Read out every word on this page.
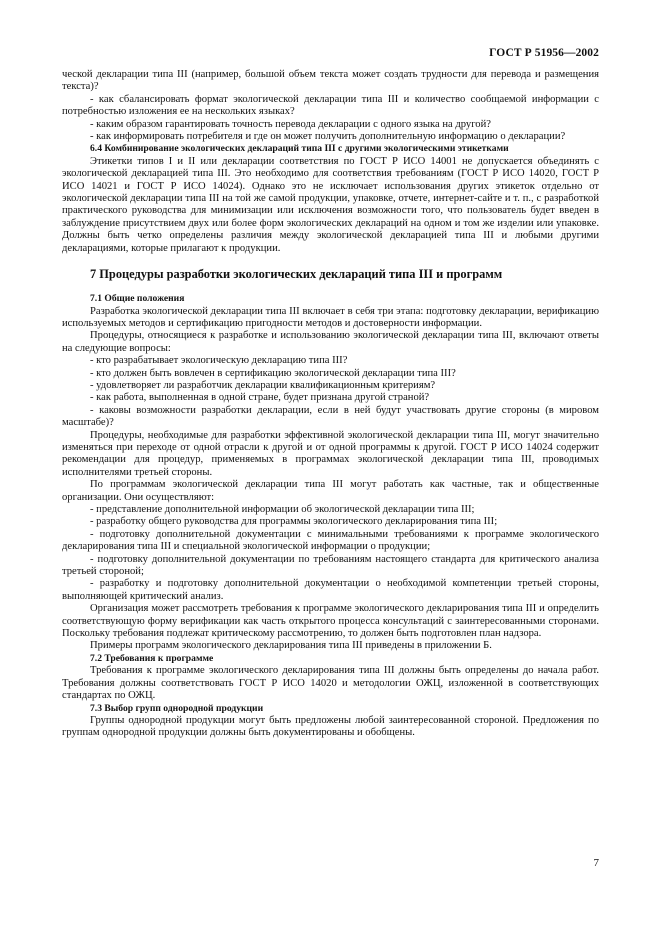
ГОСТ Р 51956—2002

ческой декларации типа III (например, большой объем текста может создать трудности для перевода и размещения текста)?

- как сбалансировать формат экологической декларации типа III и количество сообщаемой информации с потребностью изложения ее на нескольких языках?

- каким образом гарантировать точность перевода декларации с одного языка на другой?

- как информировать потребителя и где он может получить дополнительную информацию о декларации?

6.4 Комбинирование экологических деклараций типа III с другими экологическими этикетками

Этикетки типов I и II или декларации соответствия по ГОСТ Р ИСО 14001 не допускается объединять с экологической декларацией типа III. Это необходимо для соответствия требованиям (ГОСТ Р ИСО 14020, ГОСТ Р ИСО 14021 и ГОСТ Р ИСО 14024). Однако это не исключает использования других этикеток отдельно от экологической декларации типа III на той же самой продукции, упаковке, отчете, интернет-сайте и т. п., с разработкой практического руководства для минимизации или исключения возможности того, что пользователь будет введен в заблуждение присутствием двух или более форм экологических деклараций на одном и том же изделии или упаковке. Должны быть четко определены различия между экологической декларацией типа III и любыми другими декларациями, которые прилагают к продукции.

7 Процедуры разработки экологических деклараций типа III и программ

7.1 Общие положения

Разработка экологической декларации типа III включает в себя три этапа: подготовку декларации, верификацию используемых методов и сертификацию пригодности методов и достоверности информации.

Процедуры, относящиеся к разработке и использованию экологической декларации типа III, включают ответы на следующие вопросы:

- кто разрабатывает экологическую декларацию типа III?

- кто должен быть вовлечен в сертификацию экологической декларации типа III?

- удовлетворяет ли разработчик декларации квалификационным критериям?

- как работа, выполненная в одной стране, будет признана другой страной?

- каковы возможности разработки декларации, если в ней будут участвовать другие стороны (в мировом масштабе)?

Процедуры, необходимые для разработки эффективной экологической декларации типа III, могут значительно изменяться при переходе от одной отрасли к другой и от одной программы к другой. ГОСТ Р ИСО 14024 содержит рекомендации для процедур, применяемых в программах экологической декларации типа III, проводимых исполнителями третьей стороны.

По программам экологической декларации типа III могут работать как частные, так и общественные организации. Они осуществляют:

- представление дополнительной информации об экологической декларации типа III;

- разработку общего руководства для программы экологического декларирования типа III;

- подготовку дополнительной документации с минимальными требованиями к программе экологического декларирования типа III и специальной экологической информации о продукции;

- подготовку дополнительной документации по требованиям настоящего стандарта для критического анализа третьей стороной;

- разработку и подготовку дополнительной документации о необходимой компетенции третьей стороны, выполняющей критический анализ.

Организация может рассмотреть требования к программе экологического декларирования типа III и определить соответствующую форму верификации как часть открытого процесса консультаций с заинтересованными сторонами. Поскольку требования подлежат критическому рассмотрению, то должен быть подготовлен план надзора.

Примеры программ экологического декларирования типа III приведены в приложении Б.

7.2 Требования к программе

Требования к программе экологического декларирования типа III должны быть определены до начала работ. Требования должны соответствовать ГОСТ Р ИСО 14020 и методологии ОЖЦ, изложенной в соответствующих стандартах по ОЖЦ.

7.3 Выбор групп однородной продукции

Группы однородной продукции могут быть предложены любой заинтересованной стороной. Предложения по группам однородной продукции должны быть документированы и обобщены.

7
